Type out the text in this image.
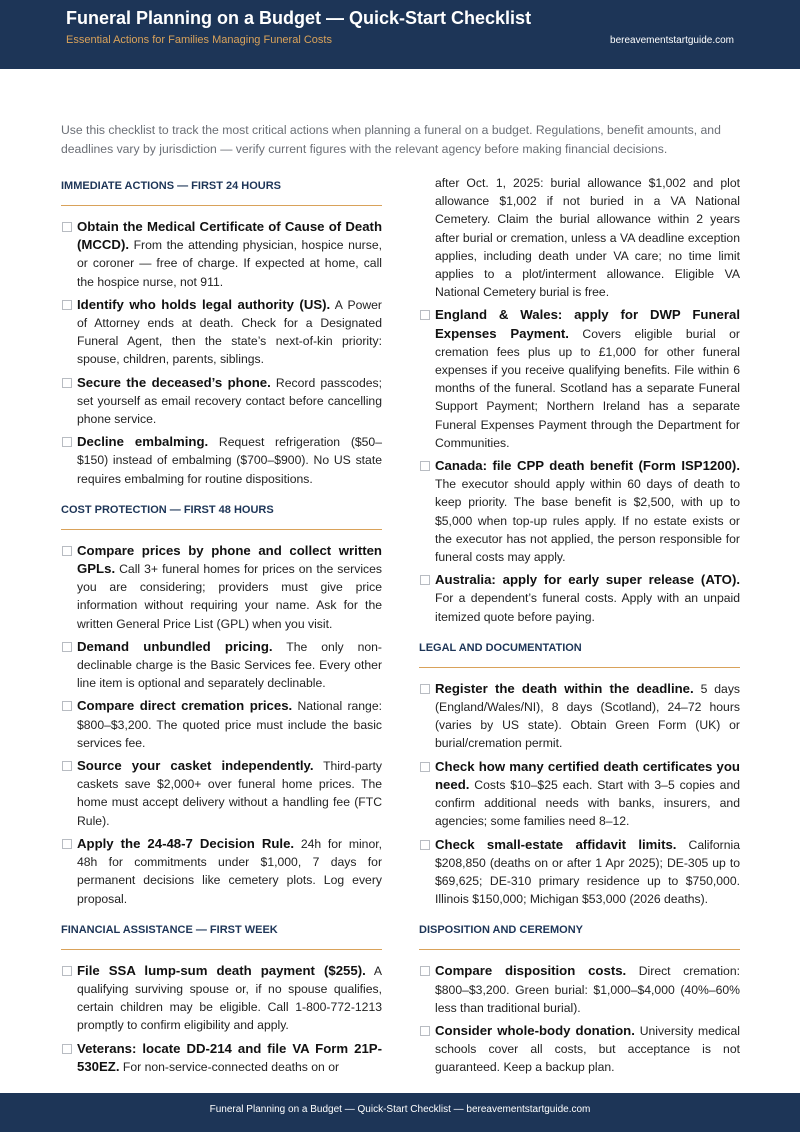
Funeral Planning on a Budget — Quick-Start Checklist
Essential Actions for Families Managing Funeral Costs	bereavementstartguide.com
Use this checklist to track the most critical actions when planning a funeral on a budget. Regulations, benefit amounts, and deadlines vary by jurisdiction — verify current figures with the relevant agency before making financial decisions.
IMMEDIATE ACTIONS — FIRST 24 HOURS
Obtain the Medical Certificate of Cause of Death (MCCD). From the attending physician, hospice nurse, or coroner — free of charge. If expected at home, call the hospice nurse, not 911.
Identify who holds legal authority (US). A Power of Attorney ends at death. Check for a Designated Funeral Agent, then the state’s next-of-kin priority: spouse, children, parents, siblings.
Secure the deceased’s phone. Record passcodes; set yourself as email recovery contact before cancelling phone service.
Decline embalming. Request refrigeration ($50–$150) instead of embalming ($700–$900). No US state requires embalming for routine dispositions.
COST PROTECTION — FIRST 48 HOURS
Compare prices by phone and collect written GPLs. Call 3+ funeral homes for prices on the services you are considering; providers must give price information without requiring your name. Ask for the written General Price List (GPL) when you visit.
Demand unbundled pricing. The only non-declinable charge is the Basic Services fee. Every other line item is optional and separately declinable.
Compare direct cremation prices. National range: $800–$3,200. The quoted price must include the basic services fee.
Source your casket independently. Third-party caskets save $2,000+ over funeral home prices. The home must accept delivery without a handling fee (FTC Rule).
Apply the 24-48-7 Decision Rule. 24h for minor, 48h for commitments under $1,000, 7 days for permanent decisions like cemetery plots. Log every proposal.
FINANCIAL ASSISTANCE — FIRST WEEK
File SSA lump-sum death payment ($255). A qualifying surviving spouse or, if no spouse qualifies, certain children may be eligible. Call 1-800-772-1213 promptly to confirm eligibility and apply.
Veterans: locate DD-214 and file VA Form 21P-530EZ. For non-service-connected deaths on or
after Oct. 1, 2025: burial allowance $1,002 and plot allowance $1,002 if not buried in a VA National Cemetery. Claim the burial allowance within 2 years after burial or cremation, unless a VA deadline exception applies, including death under VA care; no time limit applies to a plot/interment allowance. Eligible VA National Cemetery burial is free.
England & Wales: apply for DWP Funeral Expenses Payment. Covers eligible burial or cremation fees plus up to £1,000 for other funeral expenses if you receive qualifying benefits. File within 6 months of the funeral. Scotland has a separate Funeral Support Payment; Northern Ireland has a separate Funeral Expenses Payment through the Department for Communities.
Canada: file CPP death benefit (Form ISP1200). The executor should apply within 60 days of death to keep priority. The base benefit is $2,500, with up to $5,000 when top-up rules apply. If no estate exists or the executor has not applied, the person responsible for funeral costs may apply.
Australia: apply for early super release (ATO). For a dependent’s funeral costs. Apply with an unpaid itemized quote before paying.
LEGAL AND DOCUMENTATION
Register the death within the deadline. 5 days (England/Wales/NI), 8 days (Scotland), 24–72 hours (varies by US state). Obtain Green Form (UK) or burial/cremation permit.
Check how many certified death certificates you need. Costs $10–$25 each. Start with 3–5 copies and confirm additional needs with banks, insurers, and agencies; some families need 8–12.
Check small-estate affidavit limits. California $208,850 (deaths on or after 1 Apr 2025); DE-305 up to $69,625; DE-310 primary residence up to $750,000. Illinois $150,000; Michigan $53,000 (2026 deaths).
DISPOSITION AND CEREMONY
Compare disposition costs. Direct cremation: $800–$3,200. Green burial: $1,000–$4,000 (40%–60% less than traditional burial).
Consider whole-body donation. University medical schools cover all costs, but acceptance is not guaranteed. Keep a backup plan.
Funeral Planning on a Budget — Quick-Start Checklist — bereavementstartguide.com
